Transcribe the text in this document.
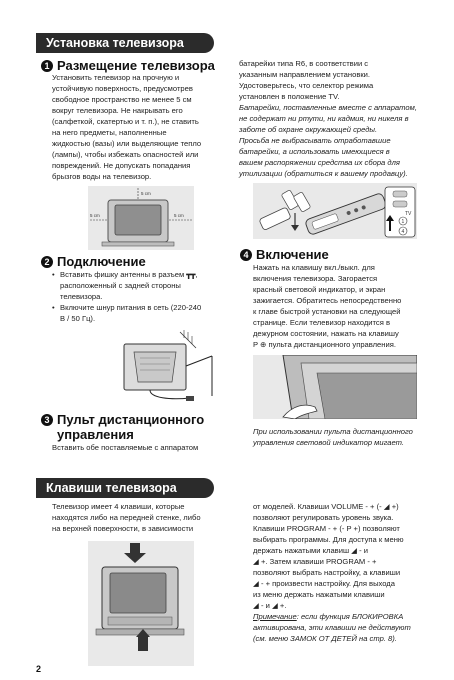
Установка телевизора
1 Размещение телевизора

Установить телевизор на прочную и

устойчивую поверхность, предусмотрев

свободное пространство не менее 5 см

вокруг телевизора. Не накрывать его

(салфеткой, скатертью и т. п.), не ставить

на него предметы, наполненные

жидкостью (вазы) или выделяющие тепло

(лампы), чтобы избежать опасностей или

повреждений. Не допускать попадания

брызгов воды на телевизор.

5 cm
5 cm	5 cm
2 Подключение
• Вставить фишку антенны в разъем ┳┳,

расположенный с задней стороны

телевизора.

• Включите шнур питания в сеть (220-240

В / 50 Гц).

3 Пульт дистанционного
управления

Вставить обе поставляемые с аппаратом

батарейки типа R6, в соответствии с

указанным направлением установки.

Удостоверьтесь, что селектор режима

установлен в положение TV.

Батарейки, поставленные вместе с аппаратом,

не содержат ни ртути, ни кадмия, ни никеля в

заботе об охране окружающей среды.

Просьба не выбрасывать отработавшие

батарейки, а использовать имеющиеся в

вашем распоряжении средства их сбора для

утилизации (обратиться к вашему продавцу).

TV
1
4
4 Включение

Нажать на клавишу вкл./выкл. для

включения телевизора. Загорается

красный световой индикатор, и экран

зажигается. Обратитесь непосредственно

к главе быстрой установки на следующей

странице. Если телевизор находится в

дежурном состоянии, нажать на клавишу

P ⊕ пульта дистанционного управления.

При использовании пульта дистанционного

управления световой индикатор мигает.

Клавиши телевизора

Телевизор имеет 4 клавиши, которые

находятся либо на передней стенке, либо

на верхней поверхности, в зависимости

от моделей. Клавиши VOLUME - + (- ◢ +)

позволяют регулировать уровень звука.

Клавиши PROGRAM - + (- P +) позволяют

выбирать программы. Для доступа к меню

держать нажатыми клавиш ◢ - и

◢ +. Затем клавиши PROGRAM - +

позволяют выбрать настройку, а клавиши

◢ - + произвести настройку. Для выхода

из меню держать нажатыми клавиши

◢ - и ◢ +.

Примечание: если функция БЛОКИРОВКА

активирована, эти клавиши не действуют

(см. меню ЗАМОК ОТ ДЕТЕЙ на стр. 8).

2
